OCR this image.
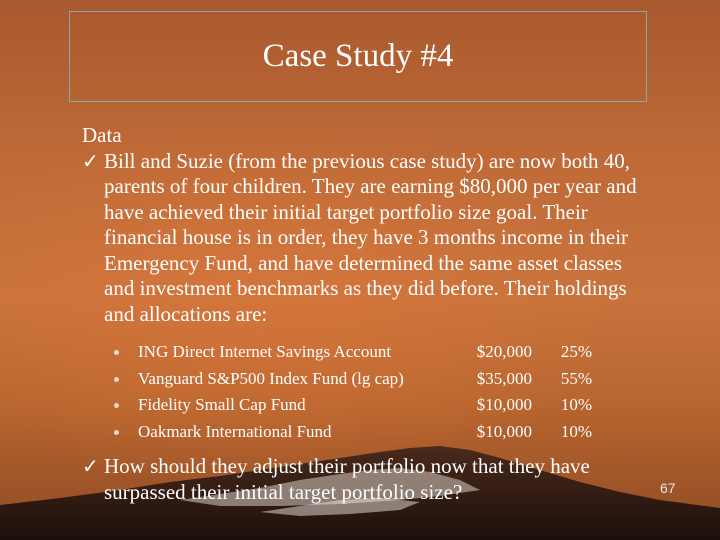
Case Study #4

Data

✓ Bill and Suzie (from the previous case study) are now both 40, parents of four children. They are earning $80,000 per year and have achieved their initial target portfolio size goal. Their financial house is in order, they have 3 months income in their Emergency Fund, and have determined the same asset classes and investment benchmarks as they did before. Their holdings and allocations are:
ING Direct Internet Savings Account	$20,000 25%
Vanguard S&P500 Index Fund (lg cap)	$35,000 55%
Fidelity Small Cap Fund	$10,000 10%
Oakmark International Fund	$10,000 10%
✓ How should they adjust their portfolio now that they have surpassed their initial target portfolio size?	67
